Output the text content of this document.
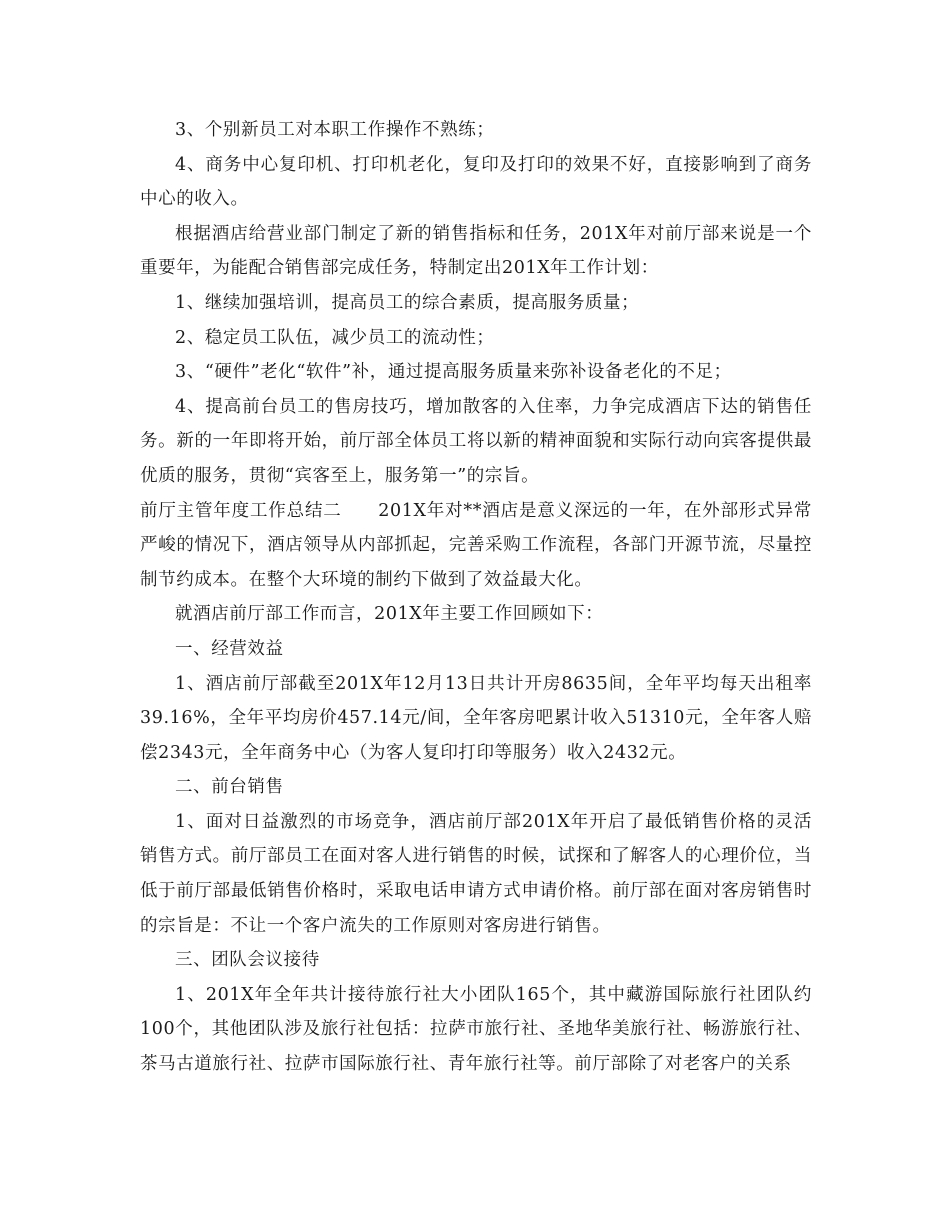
3、个别新员工对本职工作操作不熟练；

4、商务中心复印机、打印机老化，复印及打印的效果不好，直接影响到了商务中心的收入。

根据酒店给营业部门制定了新的销售指标和任务，201X年对前厅部来说是一个重要年，为能配合销售部完成任务，特制定出201X年工作计划：

1、继续加强培训，提高员工的综合素质，提高服务质量；

2、稳定员工队伍，减少员工的流动性；

3、“硬件”老化“软件”补，通过提高服务质量来弥补设备老化的不足；

4、提高前台员工的售房技巧，增加散客的入住率，力争完成酒店下达的销售任务。新的一年即将开始，前厅部全体员工将以新的精神面貌和实际行动向宾客提供最优质的服务，贯彻“宾客至上，服务第一”的宗旨。

前厅主管年度工作总结二　　201X年对**酒店是意义深远的一年，在外部形式异常严峻的情况下，酒店领导从内部抓起，完善采购工作流程，各部门开源节流，尽量控制节约成本。在整个大环境的制约下做到了效益最大化。

就酒店前厅部工作而言，201X年主要工作回顾如下：

一、经营效益

1、酒店前厅部截至201X年12月13日共计开房8635间，全年平均每天出租率39.16%，全年平均房价457.14元/间，全年客房吧累计收入51310元，全年客人赔偿2343元，全年商务中心（为客人复印打印等服务）收入2432元。

二、前台销售

1、面对日益激烈的市场竞争，酒店前厅部201X年开启了最低销售价格的灵活销售方式。前厅部员工在面对客人进行销售的时候，试探和了解客人的心理价位，当低于前厅部最低销售价格时，采取电话申请方式申请价格。前厅部在面对客房销售时的宗旨是：不让一个客户流失的工作原则对客房进行销售。

三、团队会议接待

1、201X年全年共计接待旅行社大小团队165个，其中藏游国际旅行社团队约100个，其他团队涉及旅行社包括：拉萨市旅行社、圣地华美旅行社、畅游旅行社、茶马古道旅行社、拉萨市国际旅行社、青年旅行社等。前厅部除了对老客户的关系
